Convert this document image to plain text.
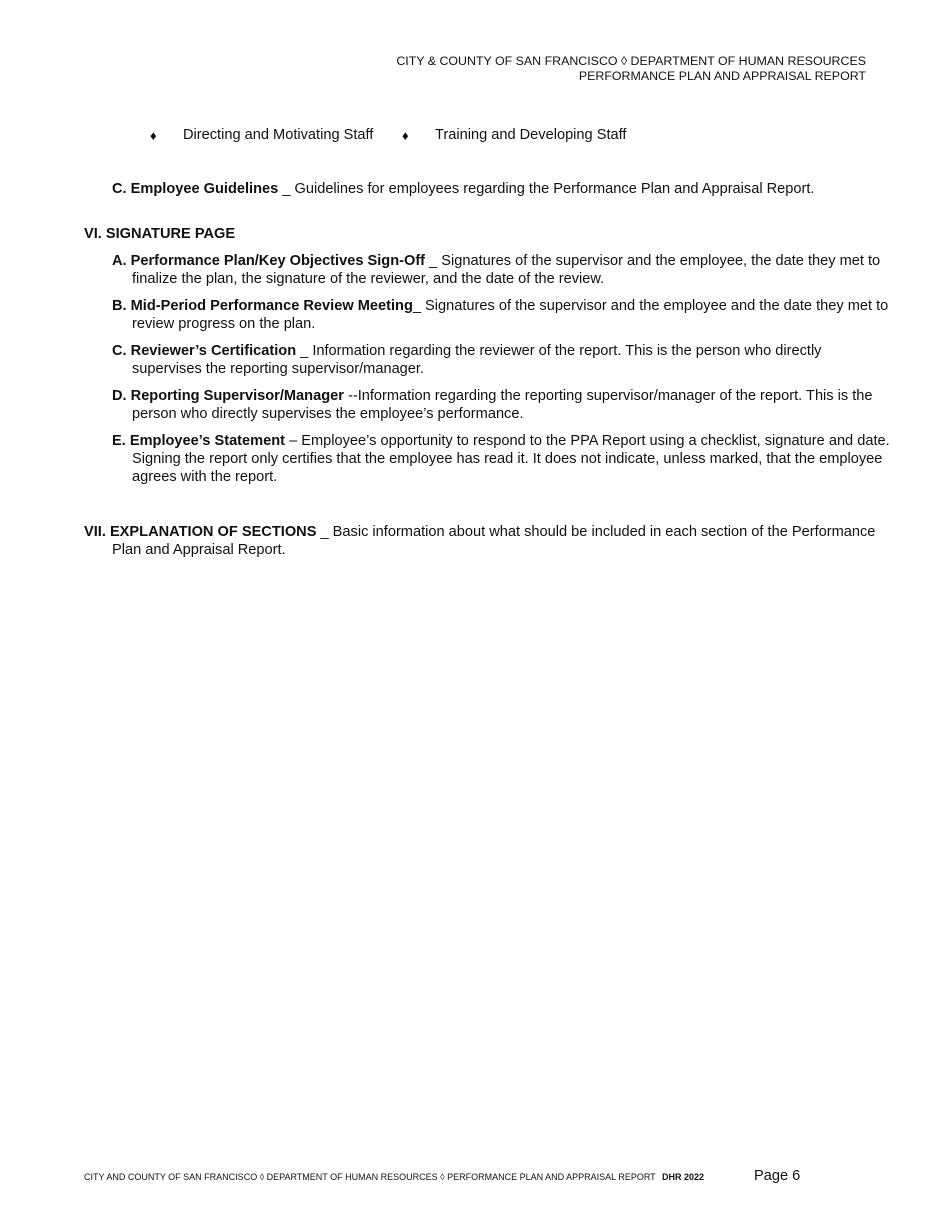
CITY & COUNTY OF SAN FRANCISCO ◊ DEPARTMENT OF HUMAN RESOURCES
PERFORMANCE PLAN AND APPRAISAL REPORT
♦ Directing and Motivating Staff	♦ Training and Developing Staff
C. Employee Guidelines _ Guidelines for employees regarding the Performance Plan and Appraisal Report.
VI. SIGNATURE PAGE
A. Performance Plan/Key Objectives Sign-Off _ Signatures of the supervisor and the employee, the date they met to finalize the plan, the signature of the reviewer, and the date of the review.
B. Mid-Period Performance Review Meeting_ Signatures of the supervisor and the employee and the date they met to review progress on the plan.
C. Reviewer’s Certification _ Information regarding the reviewer of the report. This is the person who directly supervises the reporting supervisor/manager.
D. Reporting Supervisor/Manager --Information regarding the reporting supervisor/manager of the report. This is the person who directly supervises the employee’s performance.
E. Employee’s Statement – Employee’s opportunity to respond to the PPA Report using a checklist, signature and date. Signing the report only certifies that the employee has read it. It does not indicate, unless marked, that the employee agrees with the report.
VII. EXPLANATION OF SECTIONS _ Basic information about what should be included in each section of the Performance Plan and Appraisal Report.
CITY AND COUNTY OF SAN FRANCISCO ◊ DEPARTMENT OF HUMAN RESOURCES ◊ PERFORMANCE PLAN AND APPRAISAL REPORT DHR 2022	Page 6
